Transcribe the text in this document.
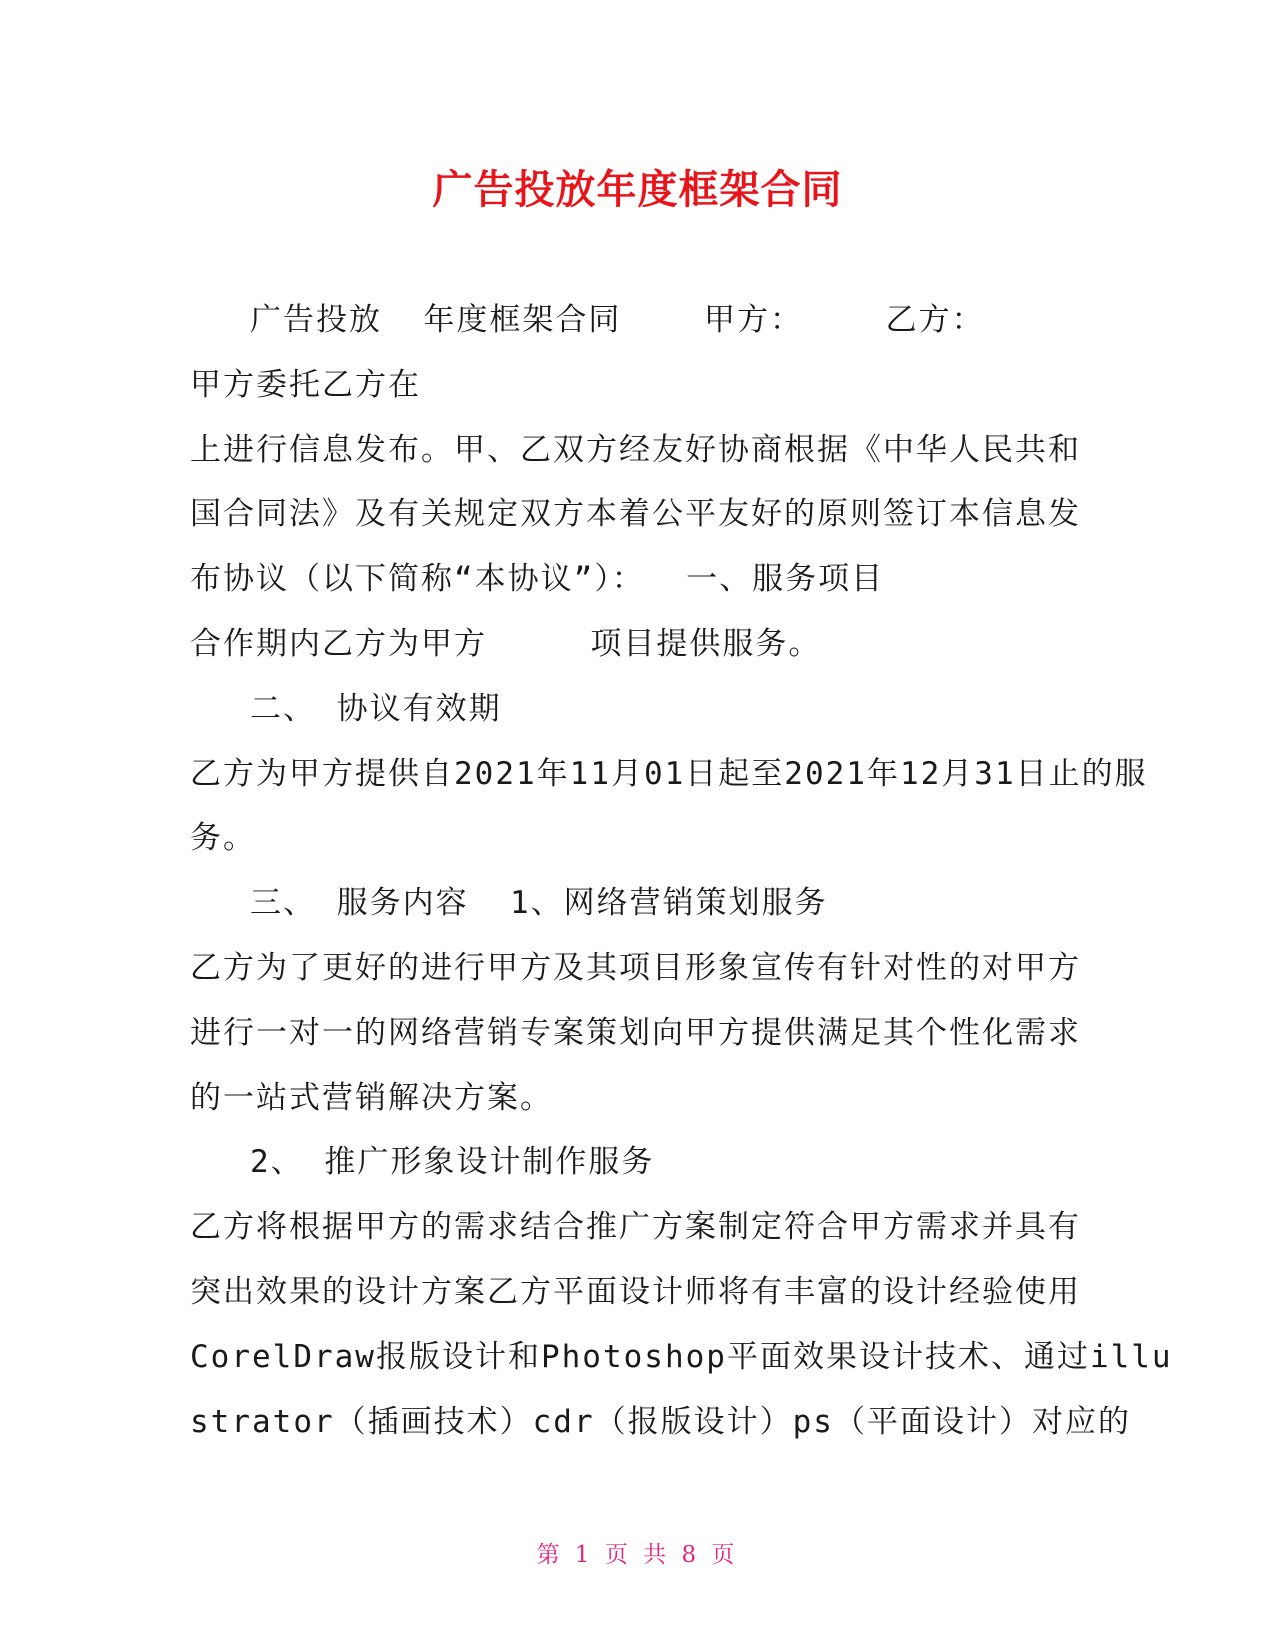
广告投放年度框架合同
广告投放  年度框架合同    甲方：    乙方：
甲方委托乙方在
上进行信息发布。甲、乙双方经友好协商根据《中华人民共和
国合同法》及有关规定双方本着公平友好的原则签订本信息发
布协议（以下简称“本协议”）：  一、服务项目
合作期内乙方为甲方     项目提供服务。
二、 协议有效期
乙方为甲方提供自2021年11月01日起至2021年12月31日止的服
务。
三、 服务内容  1、网络营销策划服务
乙方为了更好的进行甲方及其项目形象宣传有针对性的对甲方
进行一对一的网络营销专案策划向甲方提供满足其个性化需求
的一站式营销解决方案。
2、 推广形象设计制作服务
乙方将根据甲方的需求结合推广方案制定符合甲方需求并具有
突出效果的设计方案乙方平面设计师将有丰富的设计经验使用
CorelDraw报版设计和Photoshop平面效果设计技术、通过illu
strator（插画技术）cdr（报版设计）ps（平面设计）对应的
第 1 页 共 8 页
